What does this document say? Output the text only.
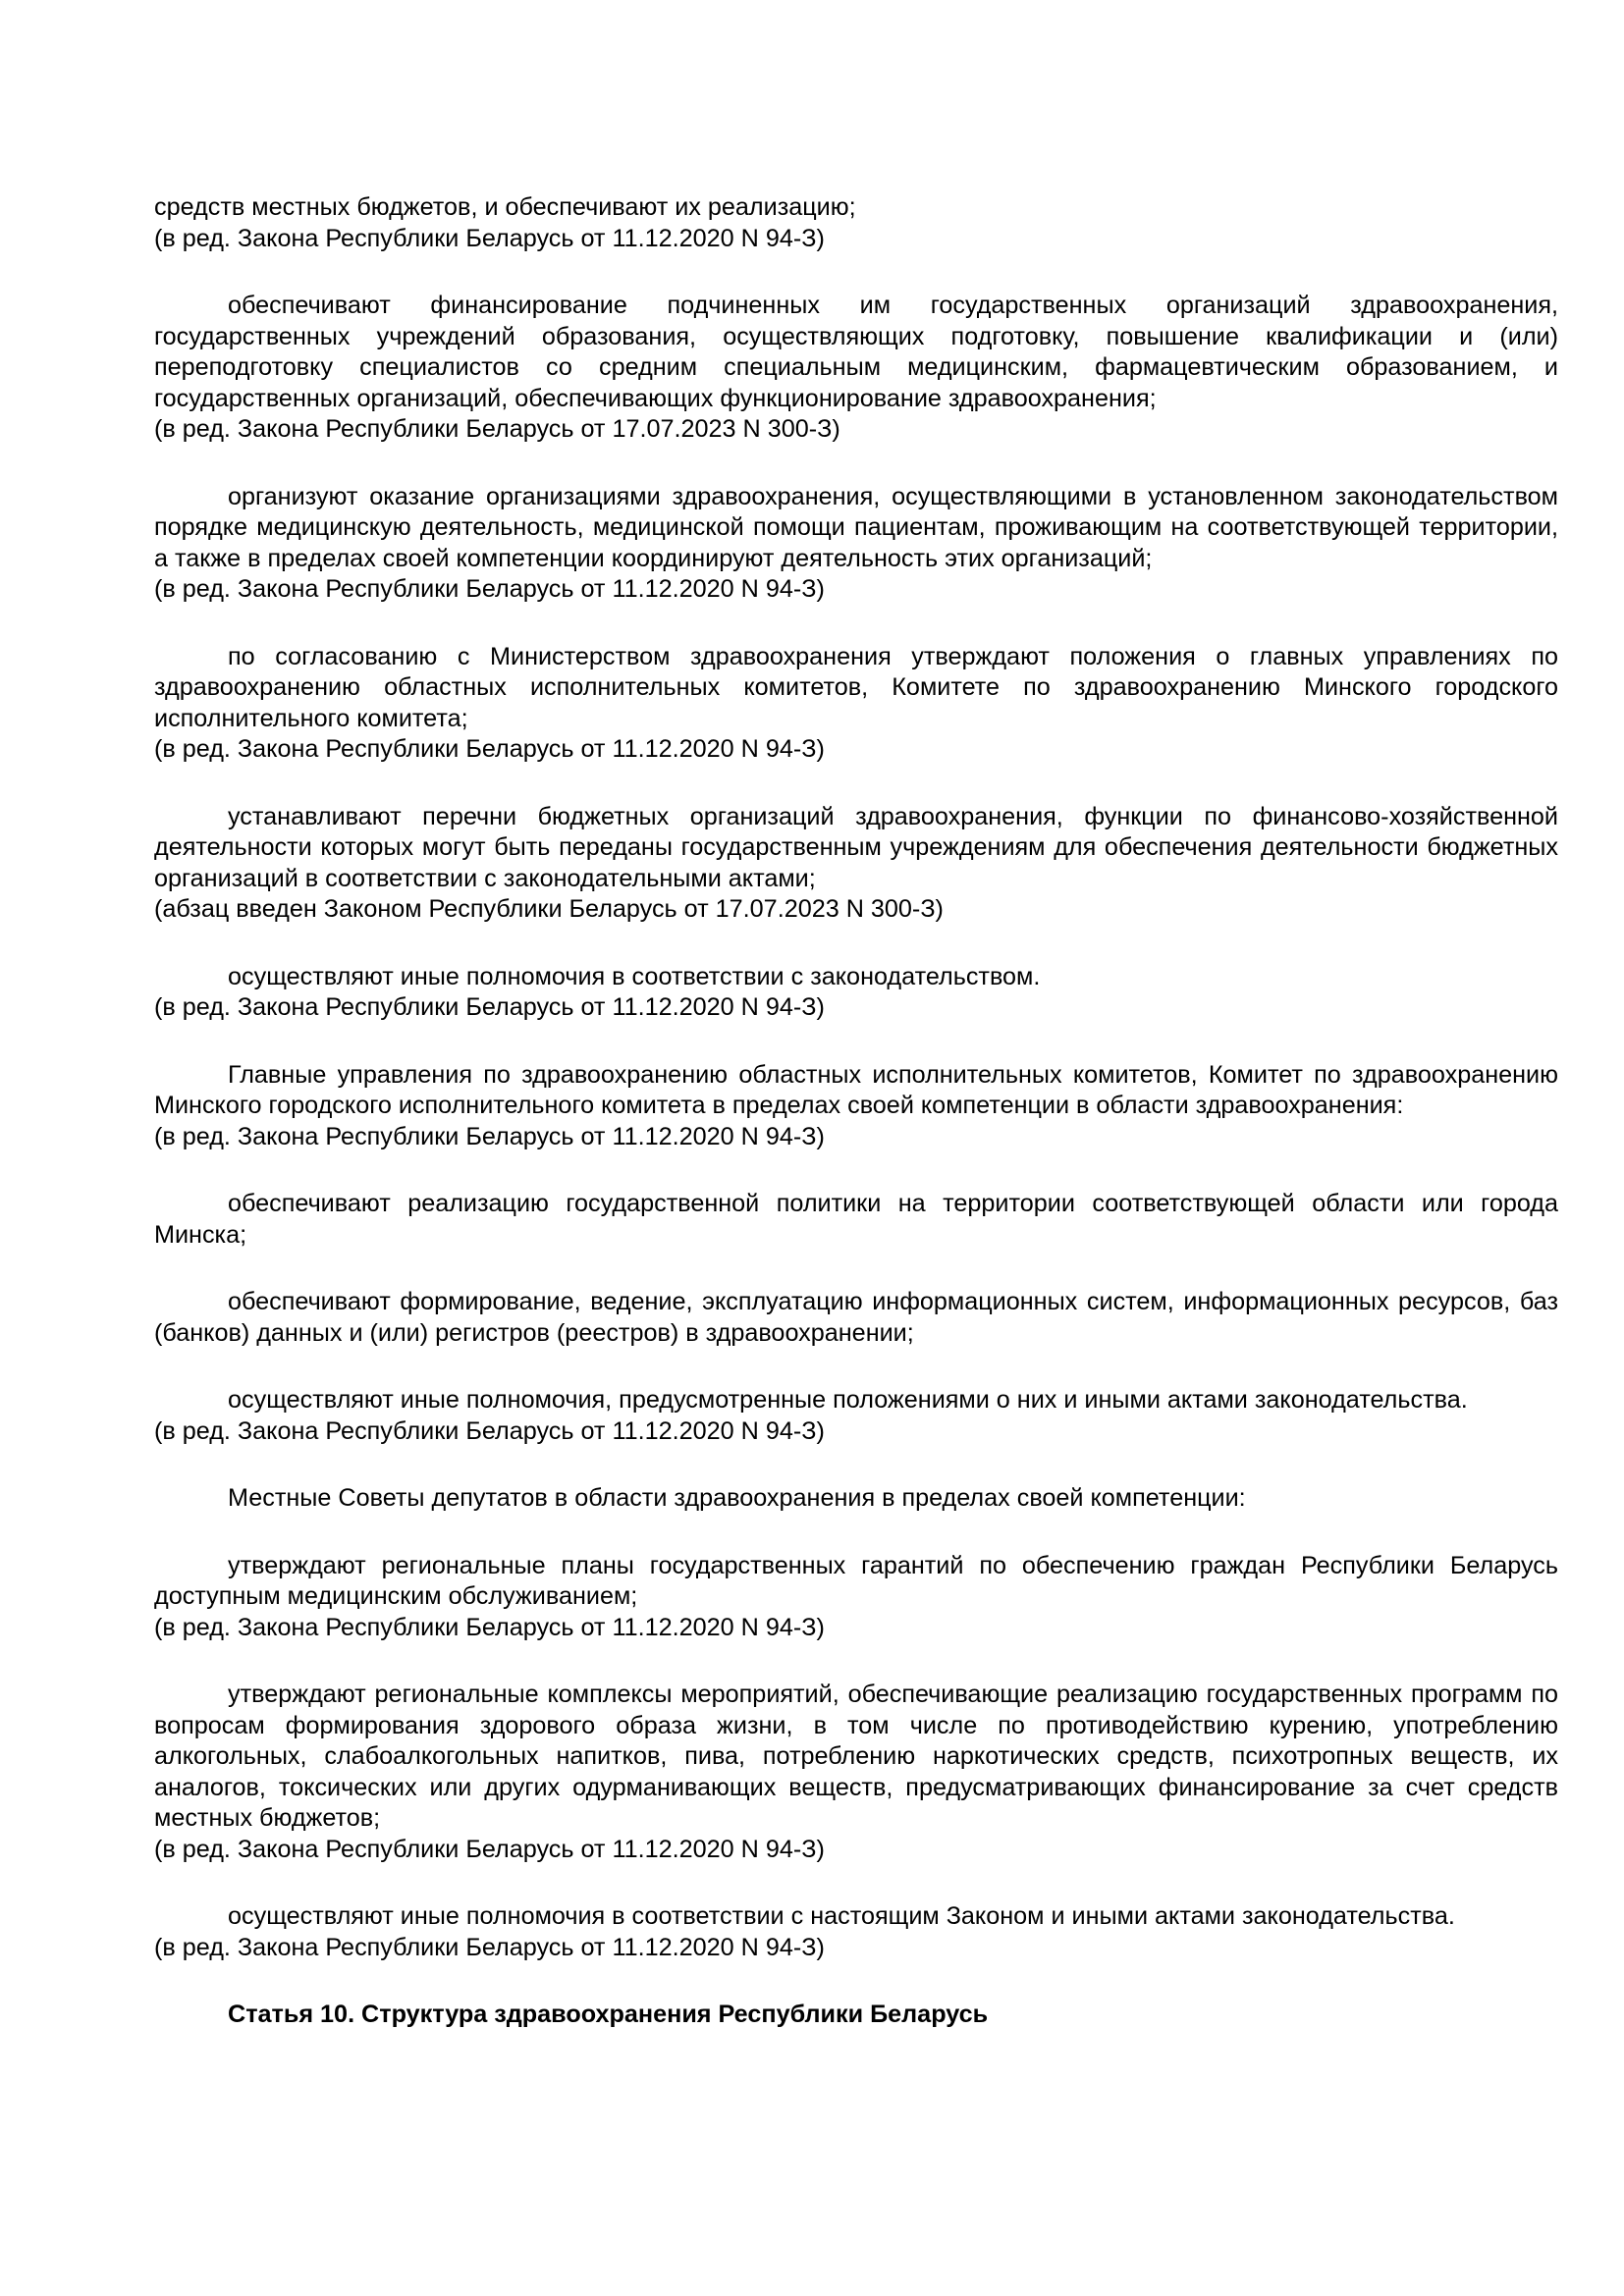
средств местных бюджетов, и обеспечивают их реализацию;

(в ред. Закона Республики Беларусь от 11.12.2020 N 94-З)

обеспечивают финансирование подчиненных им государственных организаций здравоохранения, государственных учреждений образования, осуществляющих подготовку, повышение квалификации и (или) переподготовку специалистов со средним специальным медицинским, фармацевтическим образованием, и государственных организаций, обеспечивающих функционирование здравоохранения;

(в ред. Закона Республики Беларусь от 17.07.2023 N 300-З)

организуют оказание организациями здравоохранения, осуществляющими в установленном законодательством порядке медицинскую деятельность, медицинской помощи пациентам, проживающим на соответствующей территории, а также в пределах своей компетенции координируют деятельность этих организаций;

(в ред. Закона Республики Беларусь от 11.12.2020 N 94-З)

по согласованию с Министерством здравоохранения утверждают положения о главных управлениях по здравоохранению областных исполнительных комитетов, Комитете по здравоохранению Минского городского исполнительного комитета;

(в ред. Закона Республики Беларусь от 11.12.2020 N 94-З)

устанавливают перечни бюджетных организаций здравоохранения, функции по финансово-хозяйственной деятельности которых могут быть переданы государственным учреждениям для обеспечения деятельности бюджетных организаций в соответствии с законодательными актами;

(абзац введен Законом Республики Беларусь от 17.07.2023 N 300-З)

осуществляют иные полномочия в соответствии с законодательством.

(в ред. Закона Республики Беларусь от 11.12.2020 N 94-З)

Главные управления по здравоохранению областных исполнительных комитетов, Комитет по здравоохранению Минского городского исполнительного комитета в пределах своей компетенции в области здравоохранения:

(в ред. Закона Республики Беларусь от 11.12.2020 N 94-З)

обеспечивают реализацию государственной политики на территории соответствующей области или города Минска;

обеспечивают формирование, ведение, эксплуатацию информационных систем, информационных ресурсов, баз (банков) данных и (или) регистров (реестров) в здравоохранении;

осуществляют иные полномочия, предусмотренные положениями о них и иными актами законодательства.

(в ред. Закона Республики Беларусь от 11.12.2020 N 94-З)

Местные Советы депутатов в области здравоохранения в пределах своей компетенции:

утверждают региональные планы государственных гарантий по обеспечению граждан Республики Беларусь доступным медицинским обслуживанием;

(в ред. Закона Республики Беларусь от 11.12.2020 N 94-З)

утверждают региональные комплексы мероприятий, обеспечивающие реализацию государственных программ по вопросам формирования здорового образа жизни, в том числе по противодействию курению, употреблению алкогольных, слабоалкогольных напитков, пива, потреблению наркотических средств, психотропных веществ, их аналогов, токсических или других одурманивающих веществ, предусматривающих финансирование за счет средств местных бюджетов;

(в ред. Закона Республики Беларусь от 11.12.2020 N 94-З)

осуществляют иные полномочия в соответствии с настоящим Законом и иными актами законодательства.

(в ред. Закона Республики Беларусь от 11.12.2020 N 94-З)

Статья 10. Структура здравоохранения Республики Беларусь
